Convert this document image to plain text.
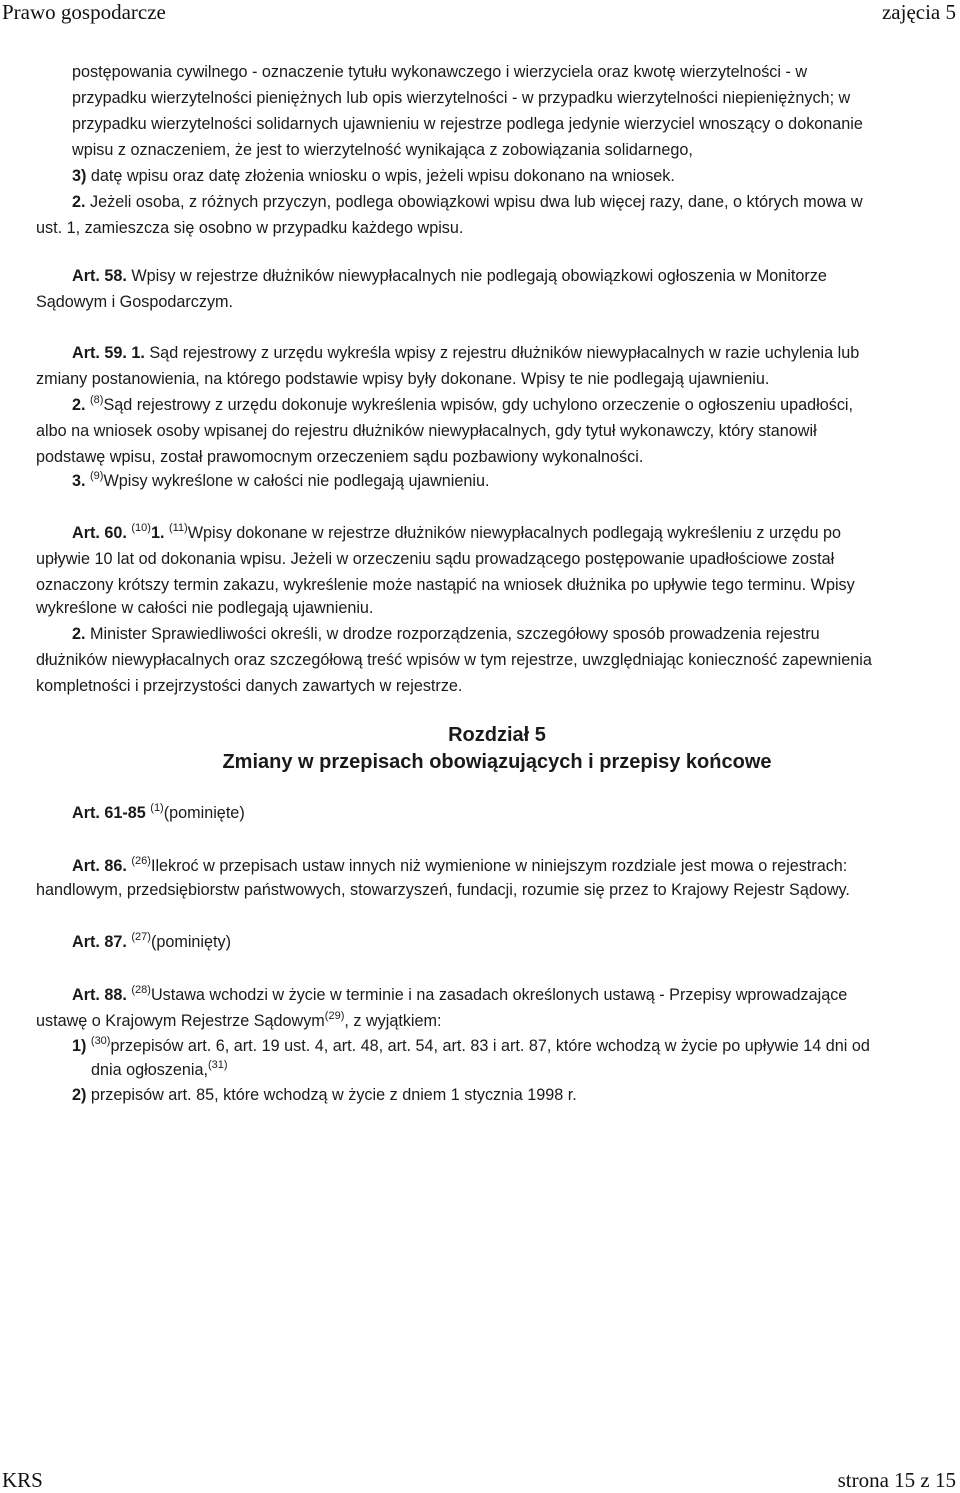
Prawo gospodarcze	zajęcia 5
postępowania cywilnego - oznaczenie tytułu wykonawczego i wierzyciela oraz kwotę wierzytelności - w
przypadku wierzytelności pieniężnych lub opis wierzytelności - w przypadku wierzytelności niepieniężnych; w
przypadku wierzytelności solidarnych ujawnieniu w rejestrze podlega jedynie wierzyciel wnoszący o dokonanie
wpisu z oznaczeniem, że jest to wierzytelność wynikająca z zobowiązania solidarnego,
3) datę wpisu oraz datę złożenia wniosku o wpis, jeżeli wpisu dokonano na wniosek.
2. Jeżeli osoba, z różnych przyczyn, podlega obowiązkowi wpisu dwa lub więcej razy, dane, o których mowa w
ust. 1, zamieszcza się osobno w przypadku każdego wpisu.
Art. 58. Wpisy w rejestrze dłużników niewypłacalnych nie podlegają obowiązkowi ogłoszenia w Monitorze
Sądowym i Gospodarczym.
Art. 59. 1. Sąd rejestrowy z urzędu wykreśla wpisy z rejestru dłużników niewypłacalnych w razie uchylenia lub
zmiany postanowienia, na którego podstawie wpisy były dokonane. Wpisy te nie podlegają ujawnieniu.
2. $^{(8)}$Sąd rejestrowy z urzędu dokonuje wykreślenia wpisów, gdy uchylono orzeczenie o ogłoszeniu upadłości,
albo na wniosek osoby wpisanej do rejestru dłużników niewypłacalnych, gdy tytuł wykonawczy, który stanowił
podstawę wpisu, został prawomocnym orzeczeniem sądu pozbawiony wykonalności.
3. $^{(9)}$Wpisy wykreślone w całości nie podlegają ujawnieniu.
Art. 60. $^{(10)}$1. $^{(11)}$Wpisy dokonane w rejestrze dłużników niewypłacalnych podlegają wykreśleniu z urzędu po
upływie 10 lat od dokonania wpisu. Jeżeli w orzeczeniu sądu prowadzącego postępowanie upadłościowe został
oznaczony krótszy termin zakazu, wykreślenie może nastąpić na wniosek dłużnika po upływie tego terminu. Wpisy
wykreślone w całości nie podlegają ujawnieniu.
2. Minister Sprawiedliwości określi, w drodze rozporządzenia, szczegółowy sposób prowadzenia rejestru
dłużników niewypłacalnych oraz szczegółową treść wpisów w tym rejestrze, uwzględniając konieczność zapewnienia
kompletności i przejrzystości danych zawartych w rejestrze.
Rozdział 5
Zmiany w przepisach obowiązujących i przepisy końcowe
Art. 61-85 $^{(1)}$(pominięte)
Art. 86. $^{(26)}$Ilekroć w przepisach ustaw innych niż wymienione w niniejszym rozdziale jest mowa o rejestrach:
handlowym, przedsiębiorstw państwowych, stowarzyszeń, fundacji, rozumie się przez to Krajowy Rejestr Sądowy.
Art. 87. $^{(27)}$(pominięty)
Art. 88. $^{(28)}$Ustawa wchodzi w życie w terminie i na zasadach określonych ustawą - Przepisy wprowadzające
ustawę o Krajowym Rejestrze Sądowym$^{(29)}$, z wyjątkiem:
1) $^{(30)}$przepisów art. 6, art. 19 ust. 4, art. 48, art. 54, art. 83 i art. 87, które wchodzą w życie po upływie 14 dni od
dnia ogłoszenia,$^{(31)}$
2) przepisów art. 85, które wchodzą w życie z dniem 1 stycznia 1998 r.
KRS	strona 15 z 15
